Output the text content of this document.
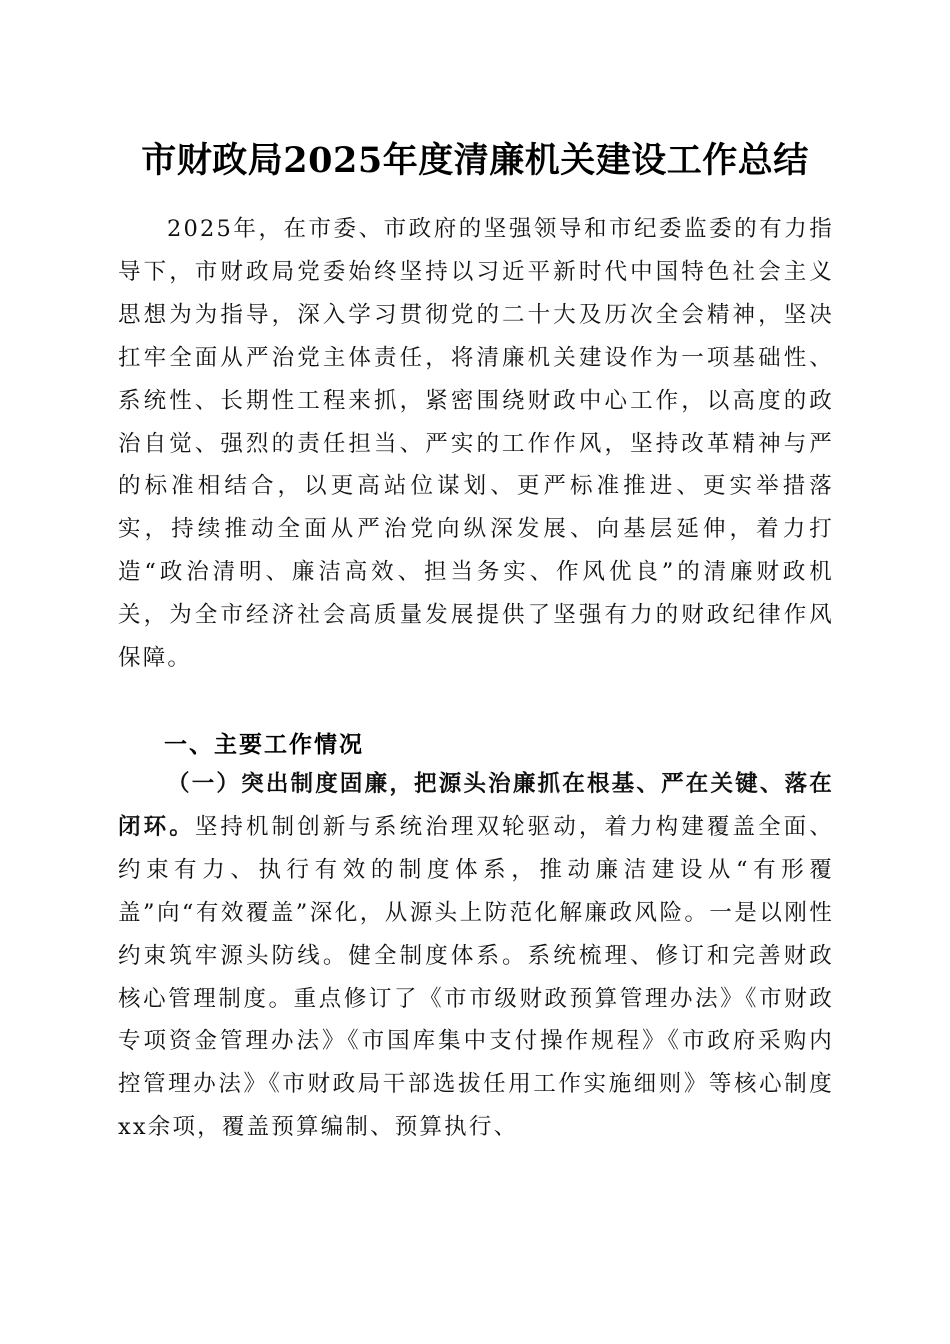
市财政局2025年度清廉机关建设工作总结
2025年，在市委、市政府的坚强领导和市纪委监委的有力指导下，市财政局党委始终坚持以习近平新时代中国特色社会主义思想为为指导，深入学习贯彻党的二十大及历次全会精神，坚决扛牢全面从严治党主体责任，将清廉机关建设作为一项基础性、系统性、长期性工程来抓，紧密围绕财政中心工作，以高度的政治自觉、强烈的责任担当、严实的工作作风，坚持改革精神与严的标准相结合，以更高站位谋划、更严标准推进、更实举措落实，持续推动全面从严治党向纵深发展、向基层延伸，着力打造“政治清明、廉洁高效、担当务实、作风优良”的清廉财政机关，为全市经济社会高质量发展提供了坚强有力的财政纪律作风保障。
一、主要工作情况
（一）突出制度固廉，把源头治廉抓在根基、严在关键、落在闭环。坚持机制创新与系统治理双轮驱动，着力构建覆盖全面、约束有力、执行有效的制度体系，推动廉洁建设从“有形覆盖”向“有效覆盖”深化，从源头上防范化解廉政风险。一是以刚性约束筑牢源头防线。健全制度体系。系统梳理、修订和完善财政核心管理制度。重点修订了《市市级财政预算管理办法》《市财政专项资金管理办法》《市国库集中支付操作规程》《市政府采购内控管理办法》《市财政局干部选拔任用工作实施细则》等核心制度xx余项，覆盖预算编制、预算执行、
